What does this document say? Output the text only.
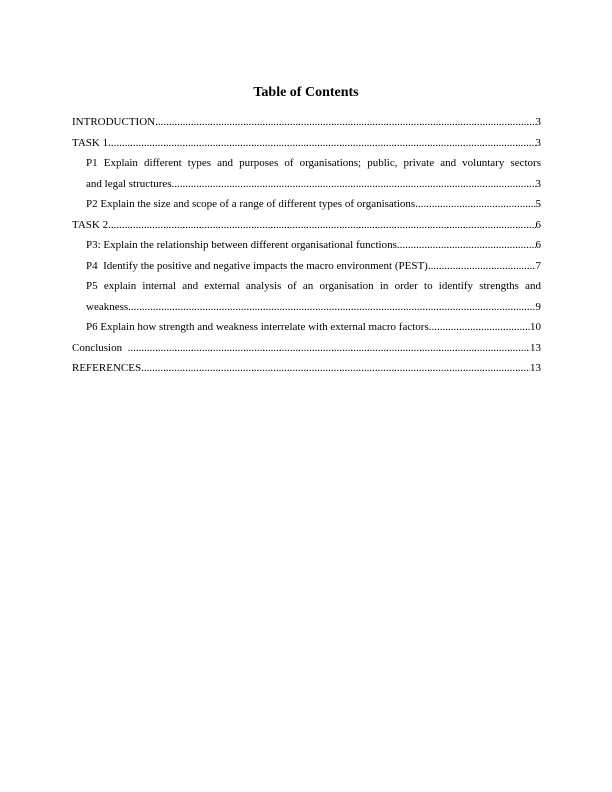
Table of Contents
INTRODUCTION .....	3
TASK 1 .....	3
P1 Explain different types and purposes of organisations; public, private and voluntary sectors
and legal structures .....	3
P2 Explain the size and scope of a range of different types of organisations .....	5
TASK 2 .....	6
P3: Explain the relationship between different organisational functions .....	6
P4  Identify the positive and negative impacts the macro environment (PEST) .....	7
P5 explain internal and external analysis of an organisation in order to identify strengths and
weakness .....	9
P6 Explain how strength and weakness interrelate with external macro factors .....	10
Conclusion .....	13
REFERENCES .....	13
